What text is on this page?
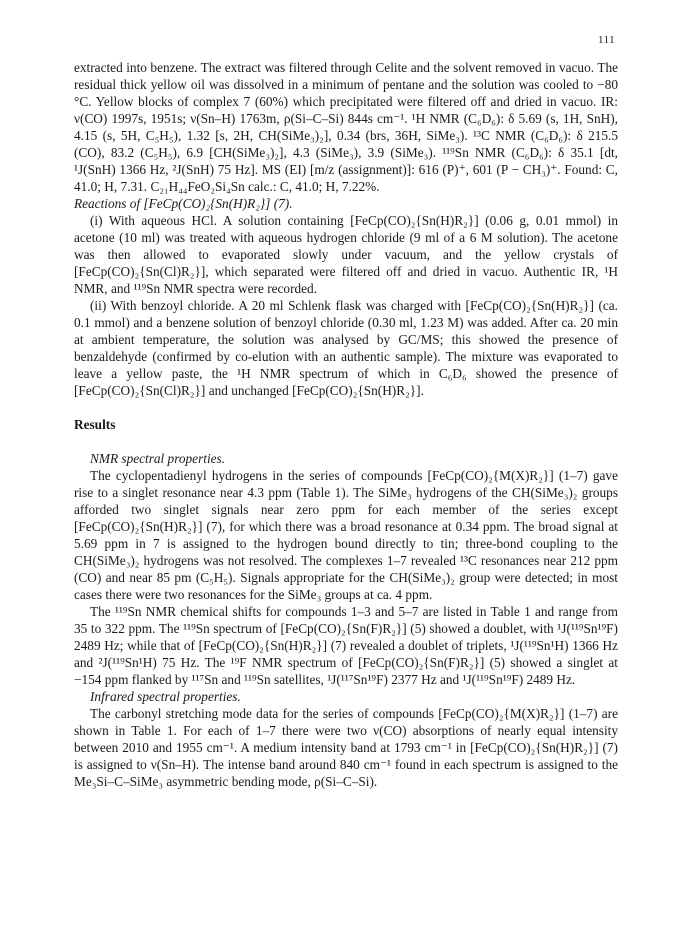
111

extracted into benzene. The extract was filtered through Celite and the solvent removed in vacuo. The residual thick yellow oil was dissolved in a minimum of pentane and the solution was cooled to −80 °C. Yellow blocks of complex 7 (60%) which precipitated were filtered off and dried in vacuo. IR: ν(CO) 1997s, 1951s; ν(Sn–H) 1763m, ρ(Si–C–Si) 844s cm⁻¹. ¹H NMR (C₆D₆): δ 5.69 (s, 1H, SnH), 4.15 (s, 5H, C₅H₅), 1.32 [s, 2H, CH(SiMe₃)₂], 0.34 (brs, 36H, SiMe₃). ¹³C NMR (C₆D₆): δ 215.5 (CO), 83.2 (C₅H₅), 6.9 [CH(SiMe₃)₂], 4.3 (SiMe₃), 3.9 (SiMe₃). ¹¹⁹Sn NMR (C₆D₆): δ 35.1 [dt, ¹J(SnH) 1366 Hz, ²J(SnH) 75 Hz]. MS (EI) [m/z (assignment)]: 616 (P)⁺, 601 (P − CH₃)⁺. Found: C, 41.0; H, 7.31. C₂₁H₄₄FeO₂Si₄Sn calc.: C, 41.0; H, 7.22%.

Reactions of [FeCp(CO)₂{Sn(H)R₂}] (7).

(i) With aqueous HCl. A solution containing [FeCp(CO)₂{Sn(H)R₂}] (0.06 g, 0.01 mmol) in acetone (10 ml) was treated with aqueous hydrogen chloride (9 ml of a 6 M solution). The acetone was then allowed to evaporated slowly under vacuum, and the yellow crystals of [FeCp(CO)₂{Sn(Cl)R₂}], which separated were filtered off and dried in vacuo. Authentic IR, ¹H NMR, and ¹¹⁹Sn NMR spectra were recorded.

(ii) With benzoyl chloride. A 20 ml Schlenk flask was charged with [FeCp(CO)₂{Sn(H)R₂}] (ca. 0.1 mmol) and a benzene solution of benzoyl chloride (0.30 ml, 1.23 M) was added. After ca. 20 min at ambient temperature, the solution was analysed by GC/MS; this showed the presence of benzaldehyde (confirmed by co-elution with an authentic sample). The mixture was evaporated to leave a yellow paste, the ¹H NMR spectrum of which in C₆D₆ showed the presence of [FeCp(CO)₂{Sn(Cl)R₂}] and unchanged [FeCp(CO)₂{Sn(H)R₂}].

Results

NMR spectral properties.

The cyclopentadienyl hydrogens in the series of compounds [FeCp(CO)₂{M(X)R₂}] (1–7) gave rise to a singlet resonance near 4.3 ppm (Table 1). The SiMe₃ hydrogens of the CH(SiMe₃)₂ groups afforded two singlet signals near zero ppm for each member of the series except [FeCp(CO)₂{Sn(H)R₂}] (7), for which there was a broad resonance at 0.34 ppm. The broad signal at 5.69 ppm in 7 is assigned to the hydrogen bound directly to tin; three-bond coupling to the CH(SiMe₃)₂ hydrogens was not resolved. The complexes 1–7 revealed ¹³C resonances near 212 ppm (CO) and near 85 pm (C₅H₅). Signals appropriate for the CH(SiMe₃)₂ group were detected; in most cases there were two resonances for the SiMe₃ groups at ca. 4 ppm.

The ¹¹⁹Sn NMR chemical shifts for compounds 1–3 and 5–7 are listed in Table 1 and range from 35 to 322 ppm. The ¹¹⁹Sn spectrum of [FeCp(CO)₂{Sn(F)R₂}] (5) showed a doublet, with ¹J(¹¹⁹Sn¹⁹F) 2489 Hz; while that of [FeCp(CO)₂{Sn(H)R₂}] (7) revealed a doublet of triplets, ¹J(¹¹⁹Sn¹H) 1366 Hz and ²J(¹¹⁹Sn¹H) 75 Hz. The ¹⁹F NMR spectrum of [FeCp(CO)₂{Sn(F)R₂}] (5) showed a singlet at −154 ppm flanked by ¹¹⁷Sn and ¹¹⁹Sn satellites, ¹J(¹¹⁷Sn¹⁹F) 2377 Hz and ¹J(¹¹⁹Sn¹⁹F) 2489 Hz.

Infrared spectral properties.

The carbonyl stretching mode data for the series of compounds [FeCp(CO)₂{M(X)R₂}] (1–7) are shown in Table 1. For each of 1–7 there were two ν(CO) absorptions of nearly equal intensity between 2010 and 1955 cm⁻¹. A medium intensity band at 1793 cm⁻¹ in [FeCp(CO)₂{Sn(H)R₂}] (7) is assigned to ν(Sn–H). The intense band around 840 cm⁻¹ found in each spectrum is assigned to the Me₃Si–C–SiMe₃ asymmetric bending mode, ρ(Si–C–Si).
